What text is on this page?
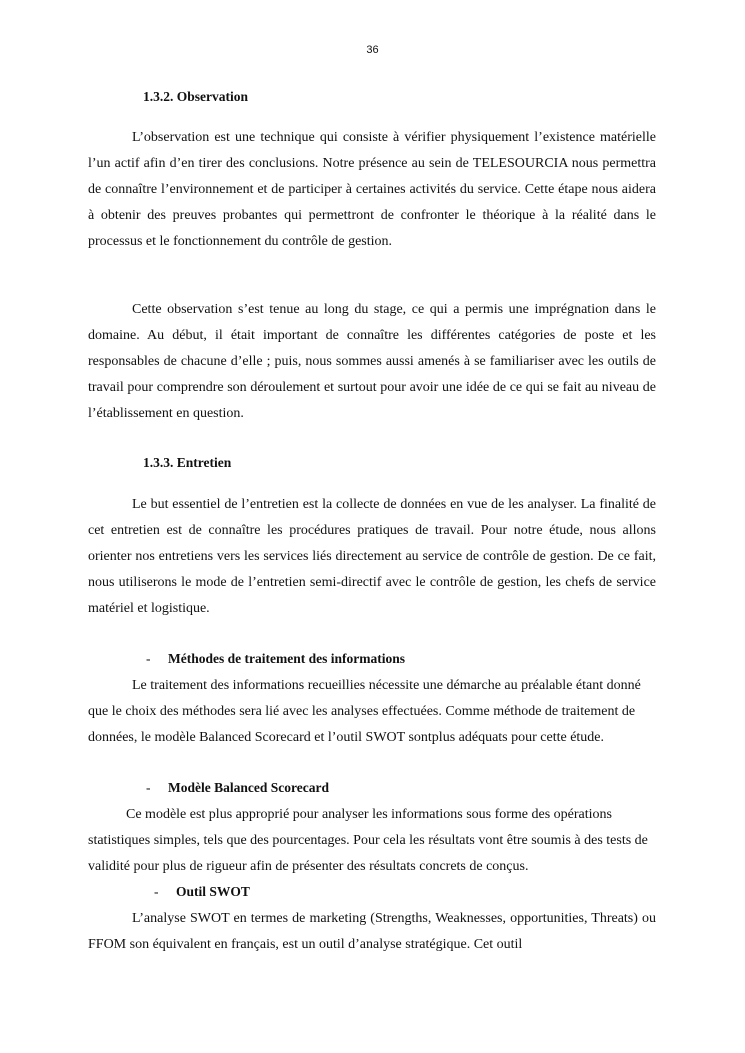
36
1.3.2. Observation

L’observation est une technique qui consiste à vérifier physiquement l’existence matérielle l’un actif afin d’en tirer des conclusions. Notre présence au sein de TELESOURCIA nous permettra de connaître l’environnement et de participer à certaines activités du service. Cette étape nous aidera à obtenir des preuves probantes qui permettront de confronter le théorique à la réalité dans le processus et le fonctionnement du contrôle de gestion.

Cette observation s’est tenue au long du stage, ce qui a permis une imprégnation dans le domaine. Au début, il était important de connaître les différentes catégories de poste et les responsables de chacune d’elle ; puis, nous sommes aussi amenés à se familiariser avec les outils de travail pour comprendre son déroulement et surtout pour avoir une idée de ce qui se fait au niveau de l’établissement en question.

1.3.3. Entretien

Le but essentiel de l’entretien est la collecte de données en vue de les analyser. La finalité de cet entretien est de connaître les procédures pratiques de travail. Pour notre étude, nous allons orienter nos entretiens vers les services liés directement au service de contrôle de gestion. De ce fait, nous utiliserons le mode de l’entretien semi-directif avec le contrôle de gestion, les chefs de service matériel et logistique.

- Méthodes de traitement des informations

Le traitement des informations recueillies nécessite une démarche au préalable étant donné que le choix des méthodes sera lié avec les analyses effectuées. Comme méthode de traitement de données, le modèle Balanced Scorecard et l’outil SWOT sontplus adéquats pour cette étude.

- Modèle Balanced Scorecard

Ce modèle est plus approprié pour analyser les informations sous forme des opérations statistiques simples, tels que des pourcentages. Pour cela les résultats vont être soumis à des tests de validité pour plus de rigueur afin de présenter des résultats concrets de conçus.

- Outil SWOT

L’analyse SWOT en termes de marketing (Strengths, Weaknesses, opportunities, Threats) ou FFOM son équivalent en français, est un outil d’analyse stratégique. Cet outil
